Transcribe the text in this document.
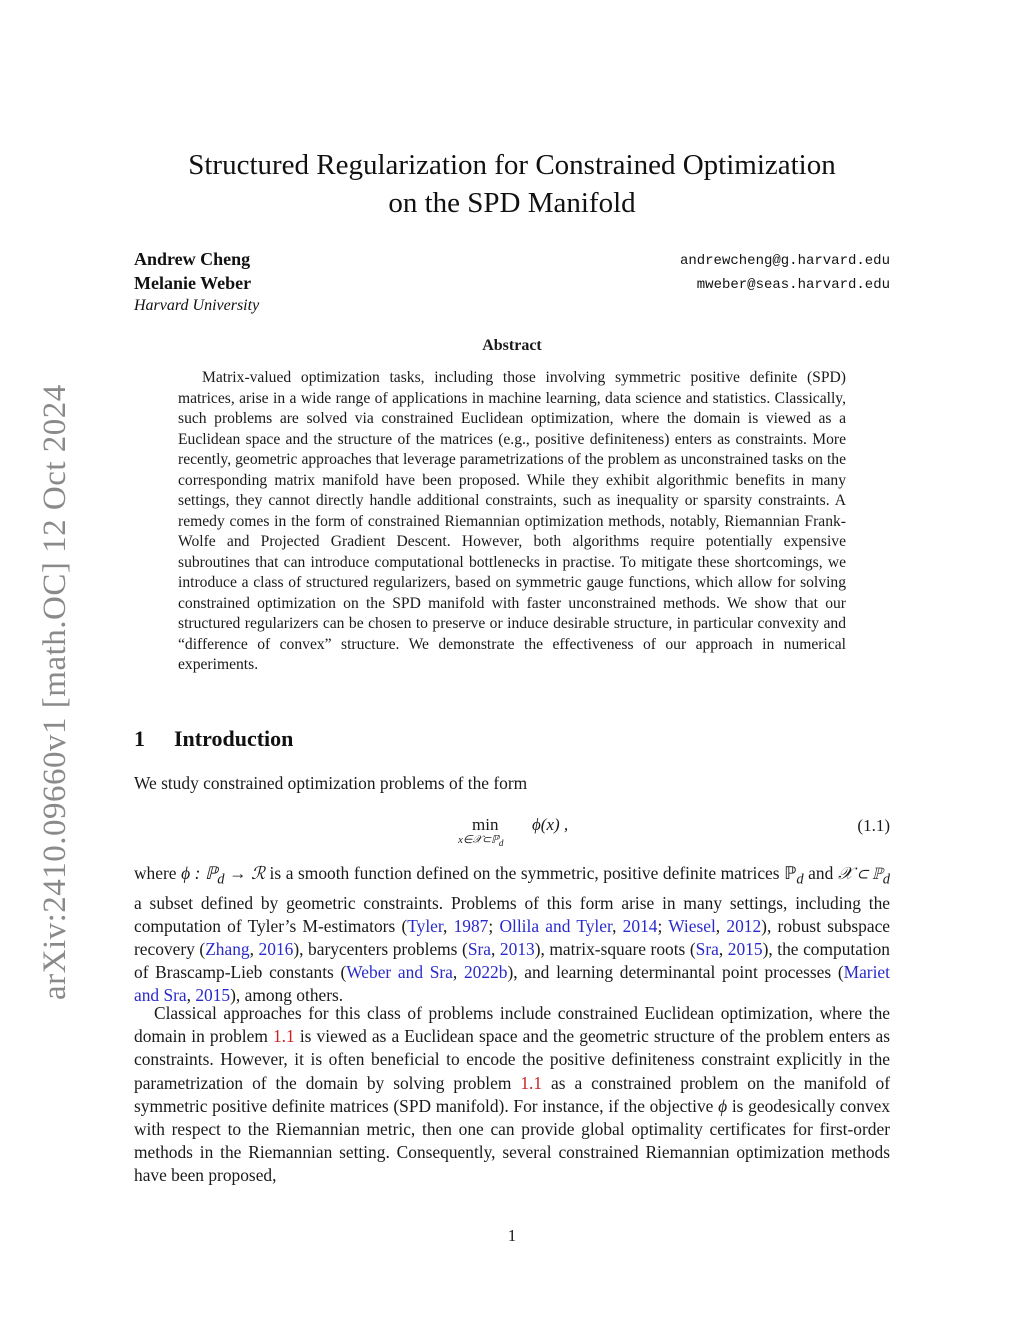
arXiv:2410.09660v1 [math.OC] 12 Oct 2024
Structured Regularization for Constrained Optimization
on the SPD Manifold
Andrew Cheng	andrewcheng@g.harvard.edu
Melanie Weber	mweber@seas.harvard.edu
Harvard University
Abstract
Matrix-valued optimization tasks, including those involving symmetric positive definite (SPD) matrices, arise in a wide range of applications in machine learning, data science and statistics. Classically, such problems are solved via constrained Euclidean optimization, where the domain is viewed as a Euclidean space and the structure of the matrices (e.g., positive definiteness) enters as constraints. More recently, geometric approaches that leverage parametrizations of the problem as unconstrained tasks on the corresponding matrix manifold have been proposed. While they exhibit algorithmic benefits in many settings, they cannot directly handle additional constraints, such as inequality or sparsity constraints. A remedy comes in the form of constrained Riemannian optimization methods, notably, Riemannian Frank-Wolfe and Projected Gradient Descent. However, both algorithms require potentially expensive subroutines that can introduce computational bottlenecks in practise. To mitigate these shortcomings, we introduce a class of structured regularizers, based on symmetric gauge functions, which allow for solving constrained optimization on the SPD manifold with faster unconstrained methods. We show that our structured regularizers can be chosen to preserve or induce desirable structure, in particular convexity and “difference of convex” structure. We demonstrate the effectiveness of our approach in numerical experiments.
1 Introduction
We study constrained optimization problems of the form
min
x∈𝒳⊂ℙ$_d$
ϕ(x) ,	(1.1)
where ϕ : ℙ$_d$ → ℛ is a smooth function defined on the symmetric, positive definite matrices ℙ$_d$ and 𝒳 ⊂ ℙ$_d$ a subset defined by geometric constraints. Problems of this form arise in many settings, including the computation of Tyler’s M-estimators (Tyler, 1987; Ollila and Tyler, 2014; Wiesel, 2012), robust subspace recovery (Zhang, 2016), barycenters problems (Sra, 2013), matrix-square roots (Sra, 2015), the computation of Brascamp-Lieb constants (Weber and Sra, 2022b), and learning determinantal point processes (Mariet and Sra, 2015), among others.
Classical approaches for this class of problems include constrained Euclidean optimization, where the domain in problem 1.1 is viewed as a Euclidean space and the geometric structure of the problem enters as constraints. However, it is often beneficial to encode the positive definiteness constraint explicitly in the parametrization of the domain by solving problem 1.1 as a constrained problem on the manifold of symmetric positive definite matrices (SPD manifold). For instance, if the objective ϕ is geodesically convex with respect to the Riemannian metric, then one can provide global optimality certificates for first-order methods in the Riemannian setting. Consequently, several constrained Riemannian optimization methods have been proposed,
1
